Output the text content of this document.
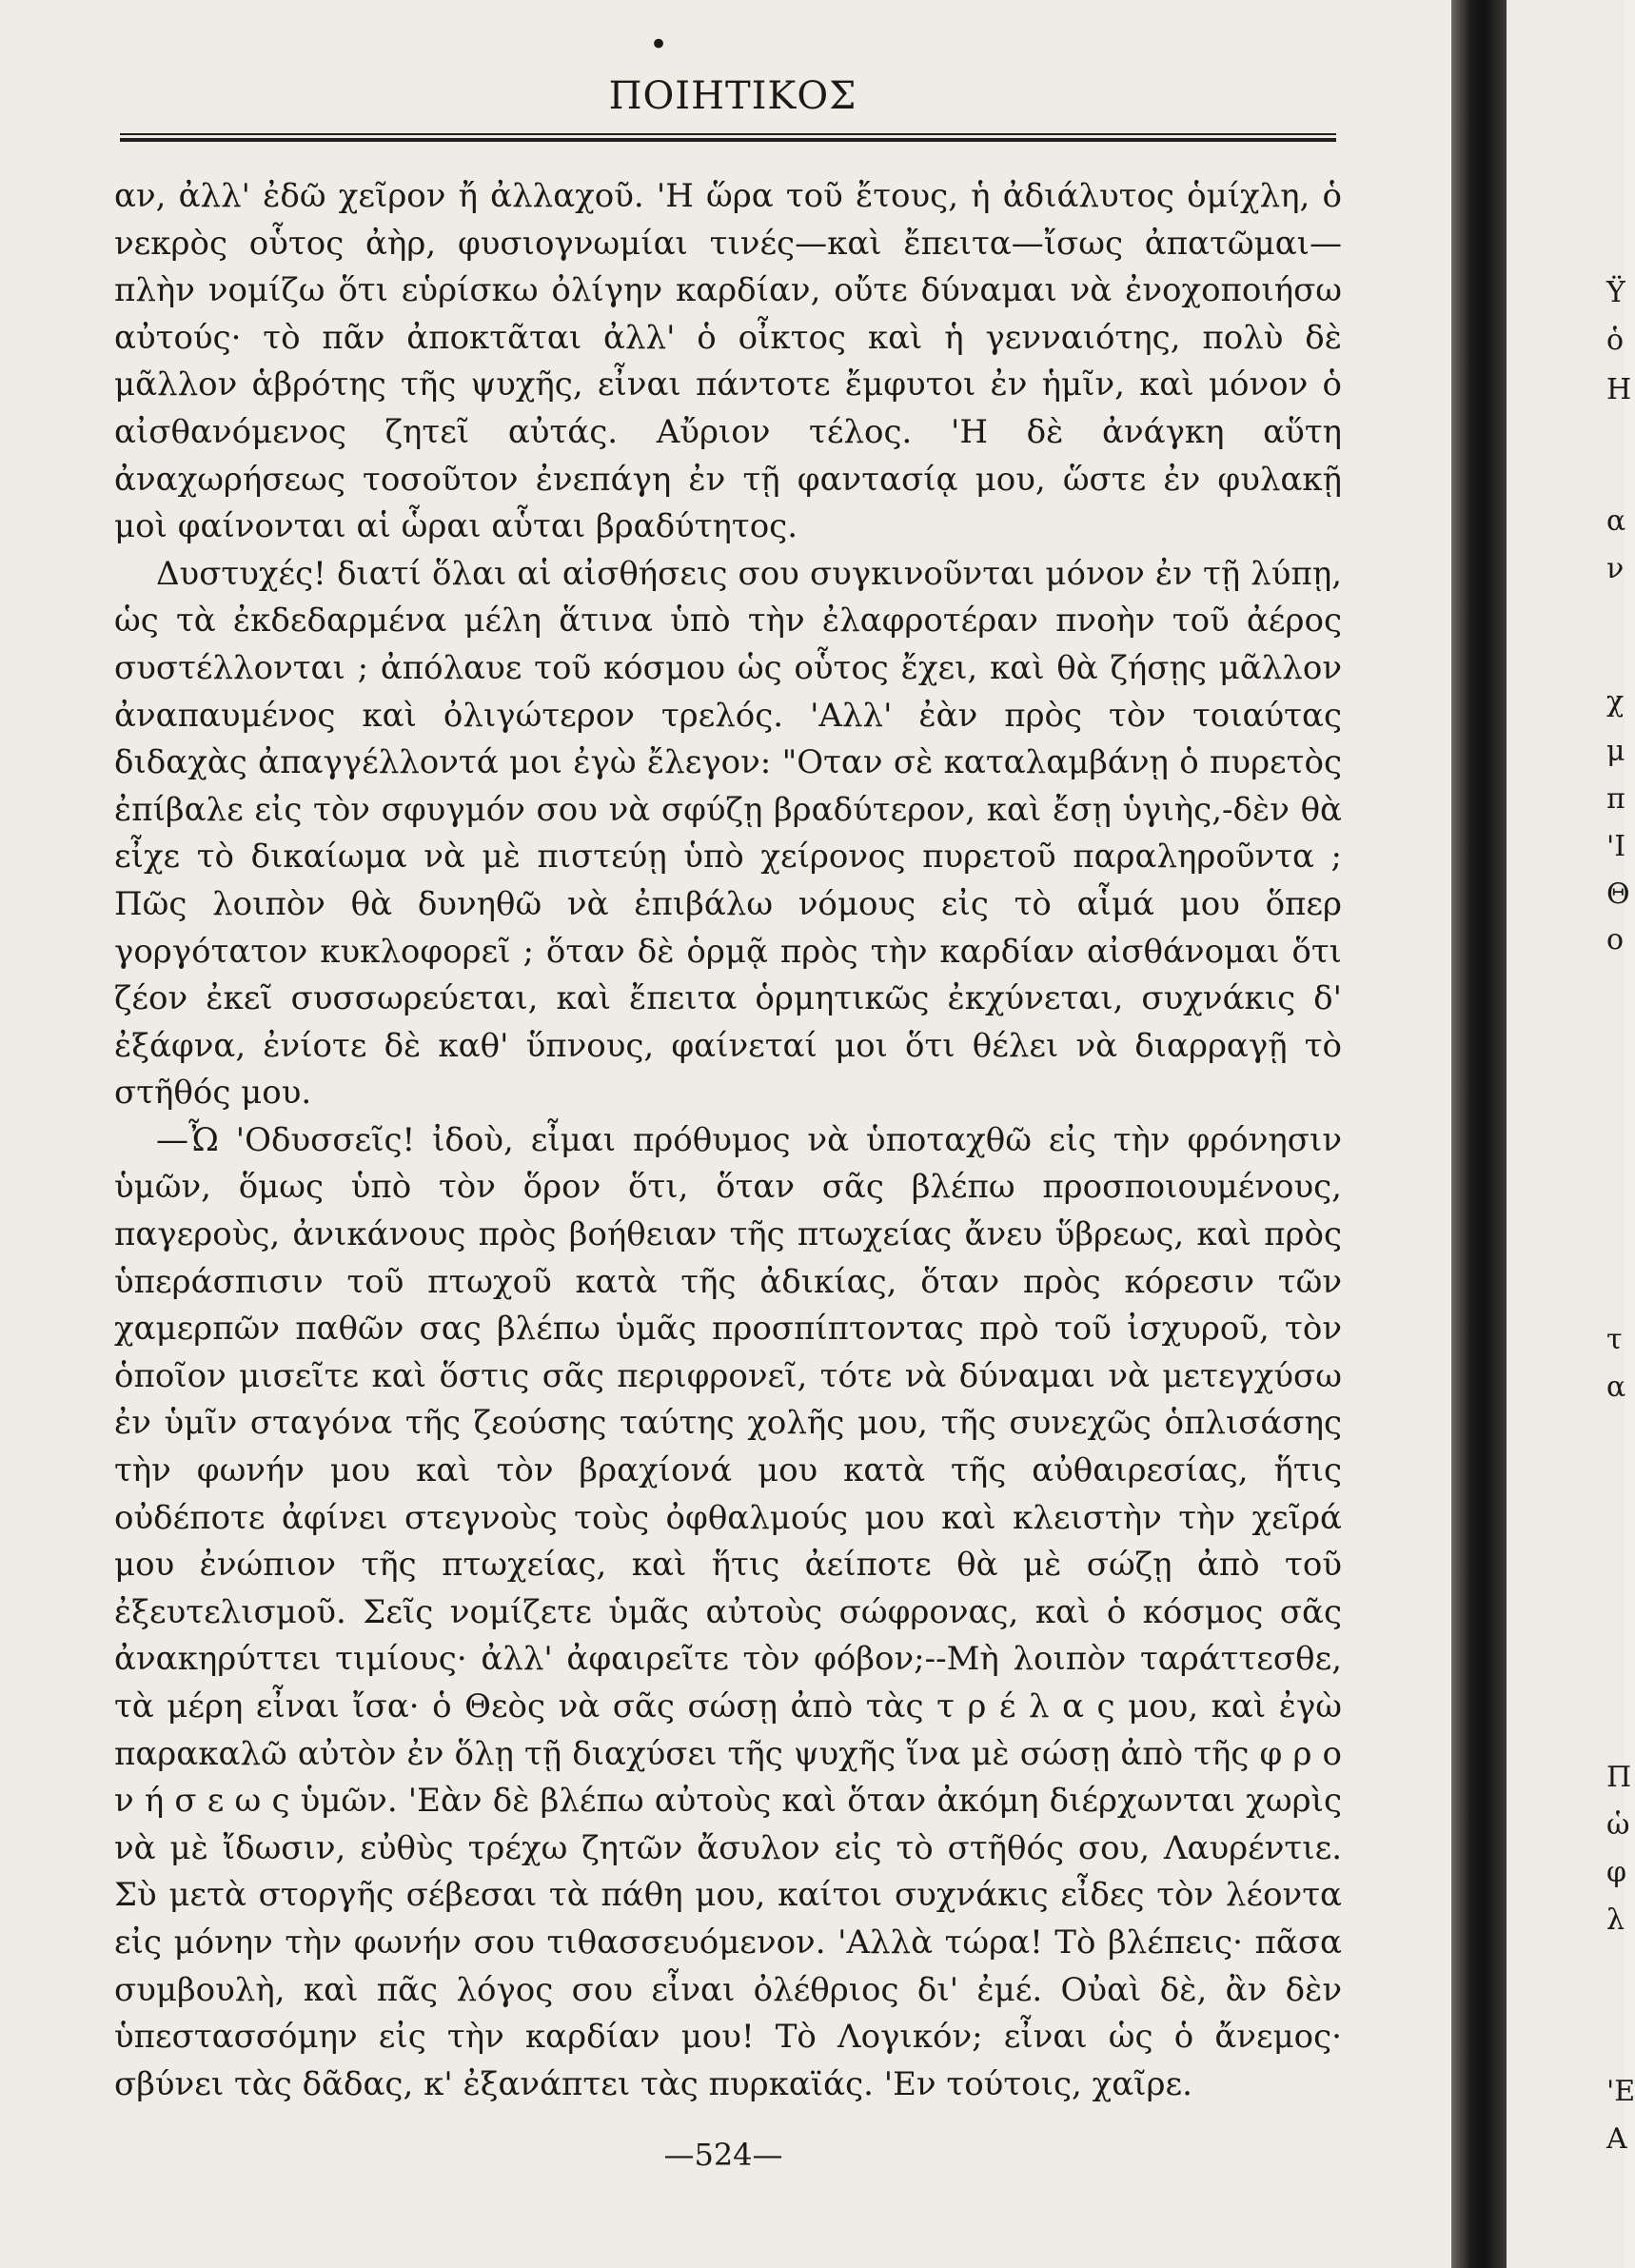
•
ΠΟΙΗΤΙΚΟΣ

αν, ἀλλ' ἐδῶ χεῖρον ἤ ἀλλαχοῦ. 'Η ὥρα τοῦ ἔτους, ἡ ἀδιάλυτος ὁμίχλη, ὁ νεκρὸς οὗτος ἀὴρ, φυσιογνωμίαι τινές—καὶ ἔπειτα—ἴσως ἀπατῶμαι—πλὴν νομίζω ὅτι εὑρίσκω ὀλίγην καρδίαν, οὔτε δύναμαι νὰ ἐνοχοποιήσω αὐτούς· τὸ πᾶν ἀποκτᾶται ἀλλ' ὁ οἶκτος καὶ ἡ γενναιότης, πολὺ δὲ μᾶλλον ἁβρότης τῆς ψυχῆς, εἶναι πάντοτε ἔμφυτοι ἐν ἡμῖν, καὶ μόνον ὁ αἰσθανόμενος ζητεῖ αὐτάς. Αὔριον τέλος. 'Η δὲ ἀνάγκη αὕτη ἀναχωρήσεως τοσοῦτον ἐνεπάγη ἐν τῇ φαντασίᾳ μου, ὥστε ἐν φυλακῇ μοὶ φαίνονται αἱ ὧραι αὗται βραδύτητος.

Δυστυχές! διατί ὅλαι αἱ αἰσθήσεις σου συγκινοῦνται μόνον ἐν τῇ λύπῃ, ὡς τὰ ἐκδεδαρμένα μέλη ἅτινα ὑπὸ τὴν ἐλαφροτέραν πνοὴν τοῦ ἀέρος συστέλλονται ; ἀπόλαυε τοῦ κόσμου ὡς οὗτος ἔχει, καὶ θὰ ζήσῃς μᾶλλον ἀναπαυμένος καὶ ὀλιγώτερον τρελός. 'Αλλ' ἐὰν πρὸς τὸν τοιαύτας διδαχὰς ἀπαγγέλλοντά μοι ἐγὼ ἔλεγον: "Οταν σὲ καταλαμβάνῃ ὁ πυρετὸς ἐπίβαλε εἰς τὸν σφυγμόν σου νὰ σφύζῃ βραδύτερον, καὶ ἔσῃ ὑγιὴς,-δὲν θὰ εἶχε τὸ δικαίωμα νὰ μὲ πιστεύῃ ὑπὸ χείρονος πυρετοῦ παραληροῦντα ; Πῶς λοιπὸν θὰ δυνηθῶ νὰ ἐπιβάλω νόμους εἰς τὸ αἷμά μου ὅπερ γοργότατον κυκλοφορεῖ ; ὅταν δὲ ὁρμᾷ πρὸς τὴν καρδίαν αἰσθάνομαι ὅτι ζέον ἐκεῖ συσσωρεύεται, καὶ ἔπειτα ὁρμητικῶς ἐκχύνεται, συχνάκις δ' ἐξάφνα, ἐνίοτε δὲ καθ' ὕπνους, φαίνεταί μοι ὅτι θέλει νὰ διαρραγῇ τὸ στῆθός μου.

—Ὦ 'Οδυσσεῖς! ἰδοὺ, εἶμαι πρόθυμος νὰ ὑποταχθῶ εἰς τὴν φρόνησιν ὑμῶν, ὅμως ὑπὸ τὸν ὅρον ὅτι, ὅταν σᾶς βλέπω προσποιουμένους, παγεροὺς, ἀνικάνους πρὸς βοήθειαν τῆς πτωχείας ἄνευ ὕβρεως, καὶ πρὸς ὑπεράσπισιν τοῦ πτωχοῦ κατὰ τῆς ἀδικίας, ὅταν πρὸς κόρεσιν τῶν χαμερπῶν παθῶν σας βλέπω ὑμᾶς προσπίπτοντας πρὸ τοῦ ἰσχυροῦ, τὸν ὁποῖον μισεῖτε καὶ ὅστις σᾶς περιφρονεῖ, τότε νὰ δύναμαι νὰ μετεγχύσω ἐν ὑμῖν σταγόνα τῆς ζεούσης ταύτης χολῆς μου, τῆς συνεχῶς ὁπλισάσης τὴν φωνήν μου καὶ τὸν βραχίονά μου κατὰ τῆς αὐθαιρεσίας, ἥτις οὐδέποτε ἀφίνει στεγνοὺς τοὺς ὀφθαλμούς μου καὶ κλειστὴν τὴν χεῖρά μου ἐνώπιον τῆς πτωχείας, καὶ ἥτις ἀείποτε θὰ μὲ σώζῃ ἀπὸ τοῦ ἐξευτελισμοῦ. Σεῖς νομίζετε ὑμᾶς αὐτοὺς σώφρονας, καὶ ὁ κόσμος σᾶς ἀνακηρύττει τιμίους· ἀλλ' ἀφαιρεῖτε τὸν φόβον;--Μὴ λοιπὸν ταράττεσθε, τὰ μέρη εἶναι ἴσα· ὁ Θεὸς νὰ σᾶς σώσῃ ἀπὸ τὰς τ ρ έ λ α ς μου, καὶ ἐγὼ παρακαλῶ αὐτὸν ἐν ὅλῃ τῇ διαχύσει τῆς ψυχῆς ἵνα μὲ σώσῃ ἀπὸ τῆς φ ρ ο ν ή σ ε ω ς ὑμῶν. 'Εὰν δὲ βλέπω αὐτοὺς καὶ ὅταν ἀκόμη διέρχωνται χωρὶς νὰ μὲ ἴδωσιν, εὐθὺς τρέχω ζητῶν ἄσυλον εἰς τὸ στῆθός σου, Λαυρέντιε. Σὺ μετὰ στοργῆς σέβεσαι τὰ πάθη μου, καίτοι συχνάκις εἶδες τὸν λέοντα εἰς μόνην τὴν φωνήν σου τιθασσευόμενον. 'Αλλὰ τώρα! Τὸ βλέπεις· πᾶσα συμβουλὴ, καὶ πᾶς λόγος σου εἶναι ὀλέθριος δι' ἐμέ. Οὐαὶ δὲ, ἂν δὲν ὑπεστασσόμην εἰς τὴν καρδίαν μου! Τὸ Λογικόν; εἶναι ὡς ὁ ἄνεμος· σβύνει τὰς δᾶδας, κ' ἐξανάπτει τὰς πυρκαϊάς. 'Εν τούτοις, χαῖρε.

—524—
Ϋ
ὁ
Η
α
ν
χ
μ
π
'Ι
Θ
ο
τ
α
Π
ὡ
φ
λ
'Ε
Α
